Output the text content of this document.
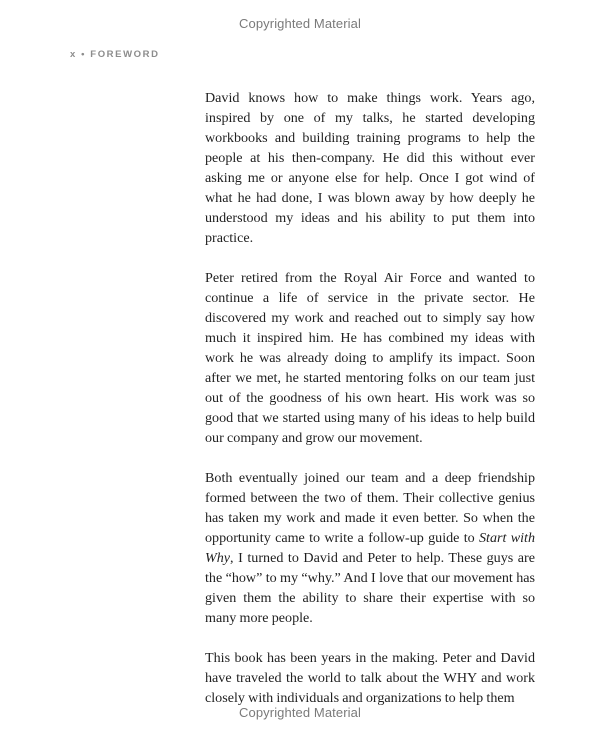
Copyrighted Material
x • FOREWORD

David knows how to make things work. Years ago, inspired by one of my talks, he started developing workbooks and building training programs to help the people at his then-company. He did this without ever asking me or anyone else for help. Once I got wind of what he had done, I was blown away by how deeply he understood my ideas and his ability to put them into practice.

Peter retired from the Royal Air Force and wanted to continue a life of service in the private sector. He discovered my work and reached out to simply say how much it inspired him. He has combined my ideas with work he was already doing to amplify its impact. Soon after we met, he started mentoring folks on our team just out of the goodness of his own heart. His work was so good that we started using many of his ideas to help build our company and grow our movement.

Both eventually joined our team and a deep friendship formed between the two of them. Their collective genius has taken my work and made it even better. So when the opportunity came to write a follow-up guide to Start with Why, I turned to David and Peter to help. These guys are the “how” to my “why.” And I love that our movement has given them the ability to share their expertise with so many more people.

This book has been years in the making. Peter and David have traveled the world to talk about the WHY and work closely with individuals and organizations to help them

Copyrighted Material
